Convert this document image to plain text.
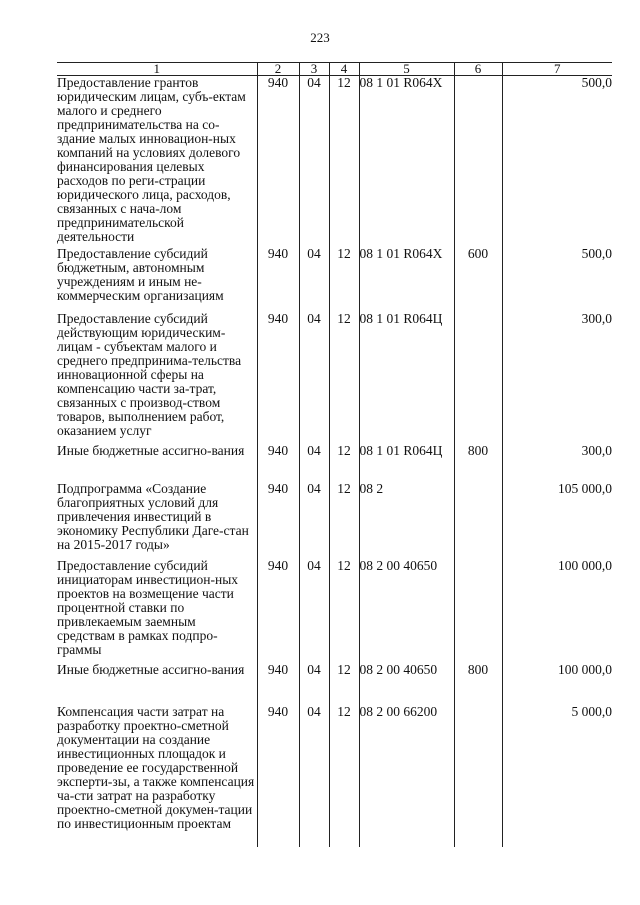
223
1	2	3	4	5	6	7
Предоставление грантов юридическим лицам, субъ-ектам малого и среднего предпринимательства на со-здание малых инновацион-ных компаний на условиях долевого финансирования целевых расходов по реги-страции юридического лица, расходов, связанных с нача-лом предпринимательской деятельности	940	04	12	08 1 01 R064X		500,0
Предоставление субсидий бюджетным, автономным учреждениям и иным не-коммерческим организациям	940	04	12	08 1 01 R064X	600	500,0
Предоставление субсидий действующим юридическим-лицам - субъектам малого и среднего предпринима-тельства инновационной сферы на компенсацию части за-трат, связанных с производ-ством товаров, выполнением работ, оказанием услуг	940	04	12	08 1 01 R064Ц		300,0
Иные бюджетные ассигно-вания	940	04	12	08 1 01 R064Ц	800	300,0
Подпрограмма «Создание благоприятных условий для привлечения инвестиций в экономику Республики Даге-стан на 2015-2017 годы»	940	04	12	08 2		105 000,0
Предоставление субсидий инициаторам инвестицион-ных проектов на возмещение части процентной ставки по привлекаемым заемным средствам в рамках подпро-граммы	940	04	12	08 2 00 40650		100 000,0
Иные бюджетные ассигно-вания	940	04	12	08 2 00 40650	800	100 000,0
Компенсация части затрат на разработку проектно-сметной документации на создание инвестиционных площадок и проведение ее государственной эксперти-зы, а также компенсация ча-сти затрат на разработку проектно-сметной докумен-тации по инвестиционным проектам	940	04	12	08 2 00 66200		5 000,0
